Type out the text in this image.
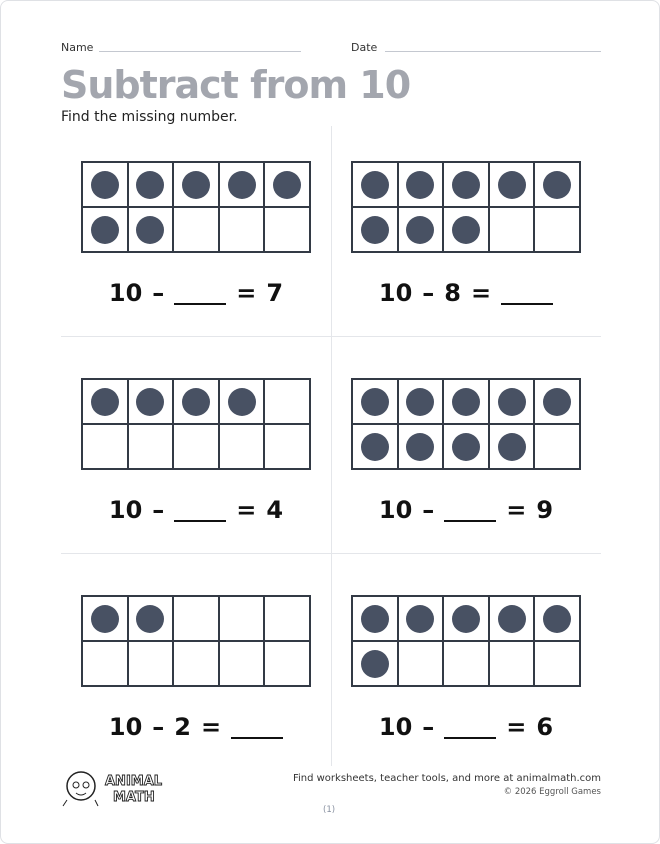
Name	Date
Subtract from 10
Find the missing number.
10 –	= 7	10 – 8 =
10 –	= 4	10 –	= 9
10 – 2 =	10 –	= 6
ANIMAL
MATH
Find worksheets, teacher tools, and more at animalmath.com
© 2026 Eggroll Games
(1)
